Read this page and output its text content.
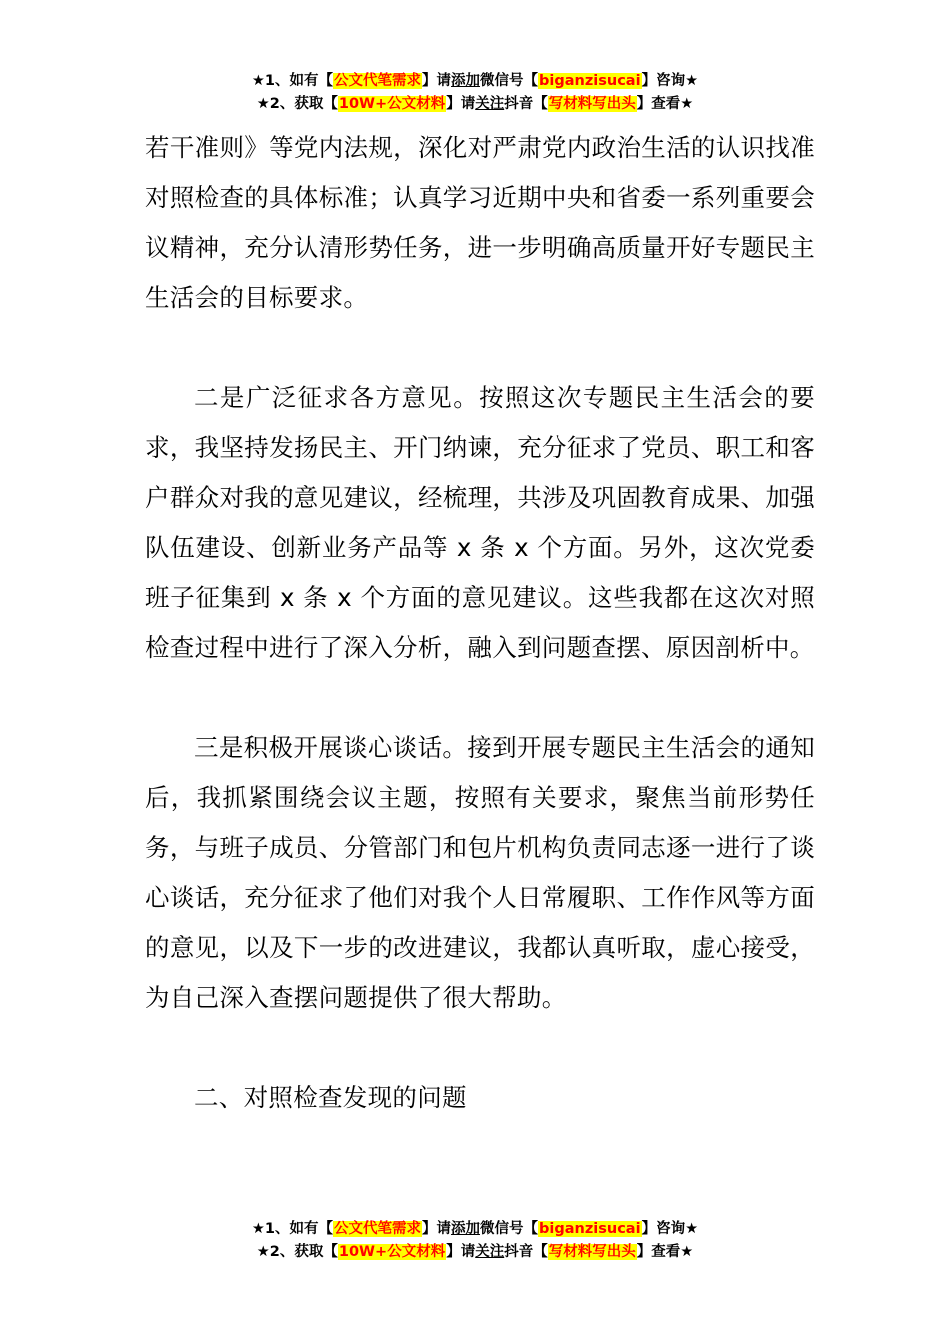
★1、如有【公文代笔需求】请添加微信号【biganzisucai】咨询★
★2、获取【10W+公文材料】请关注抖音【写材料写出头】查看★

若干准则》等党内法规，深化对严肃党内政治生活的认识找准对照检查的具体标准；认真学习近期中央和省委一系列重要会议精神，充分认清形势任务，进一步明确高质量开好专题民主生活会的目标要求。

二是广泛征求各方意见。按照这次专题民主生活会的要求，我坚持发扬民主、开门纳谏，充分征求了党员、职工和客户群众对我的意见建议，经梳理，共涉及巩固教育成果、加强队伍建设、创新业务产品等 x 条 x 个方面。另外，这次党委班子征集到 x 条 x 个方面的意见建议。这些我都在这次对照检查过程中进行了深入分析，融入到问题查摆、原因剖析中。

三是积极开展谈心谈话。接到开展专题民主生活会的通知后，我抓紧围绕会议主题，按照有关要求，聚焦当前形势任务，与班子成员、分管部门和包片机构负责同志逐一进行了谈心谈话，充分征求了他们对我个人日常履职、工作作风等方面的意见，以及下一步的改进建议，我都认真听取，虚心接受，为自己深入查摆问题提供了很大帮助。

二、对照检查发现的问题

★1、如有【公文代笔需求】请添加微信号【biganzisucai】咨询★
★2、获取【10W+公文材料】请关注抖音【写材料写出头】查看★
